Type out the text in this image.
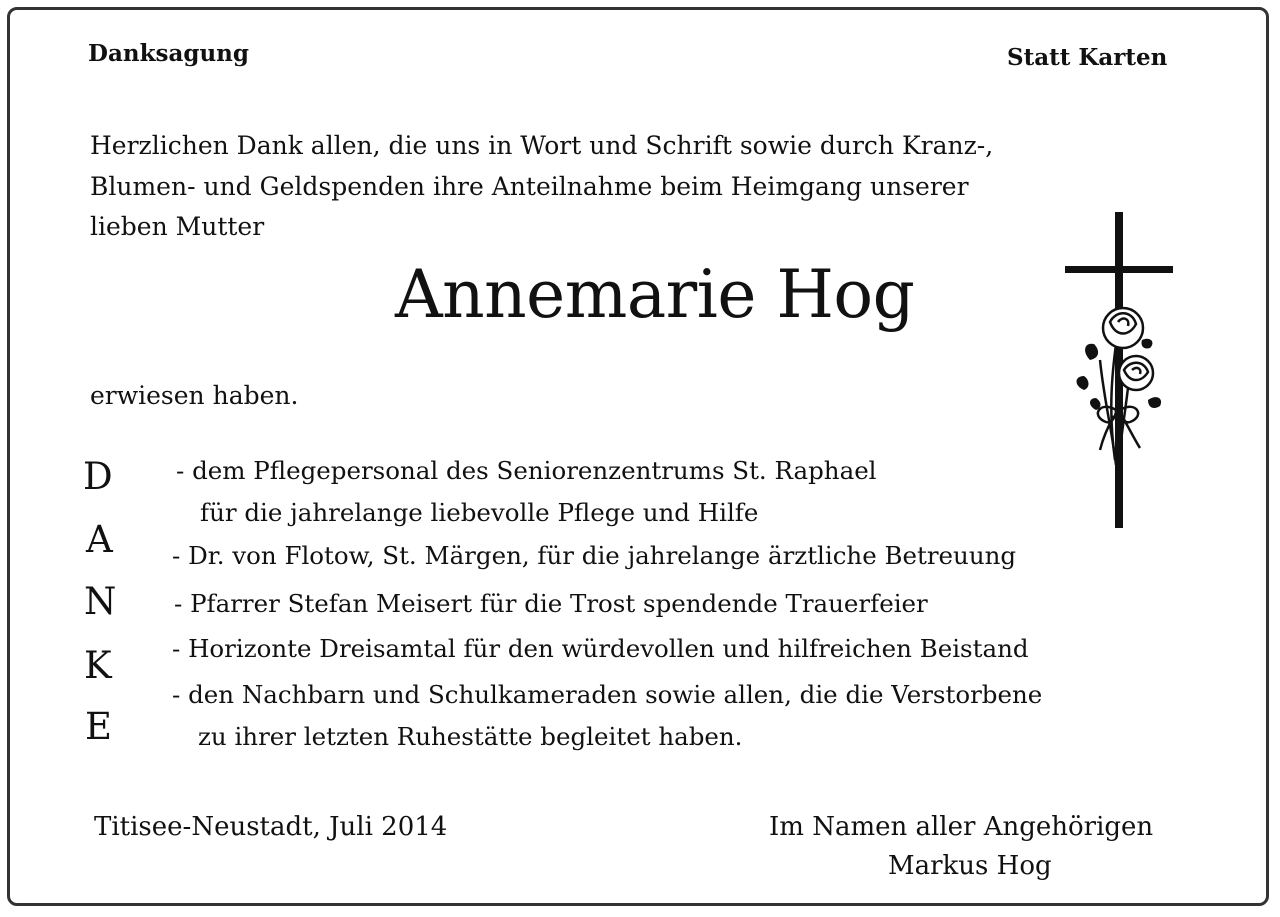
Danksagung	Statt Karten
Herzlichen Dank allen, die uns in Wort und Schrift sowie durch Kranz-,
Blumen- und Geldspenden ihre Anteilnahme beim Heimgang unserer
lieben Mutter
Annemarie Hog
erwiesen haben.
D
A
N
K
E
- dem Pflegepersonal des Seniorenzentrums St. Raphael
für die jahrelange liebevolle Pflege und Hilfe
- Dr. von Flotow, St. Märgen, für die jahrelange ärztliche Betreuung
- Pfarrer Stefan Meisert für die Trost spendende Trauerfeier
- Horizonte Dreisamtal für den würdevollen und hilfreichen Beistand
- den Nachbarn und Schulkameraden sowie allen, die die Verstorbene
zu ihrer letzten Ruhestätte begleitet haben.
Titisee-Neustadt, Juli 2014	Im Namen aller Angehörigen
Markus Hog
